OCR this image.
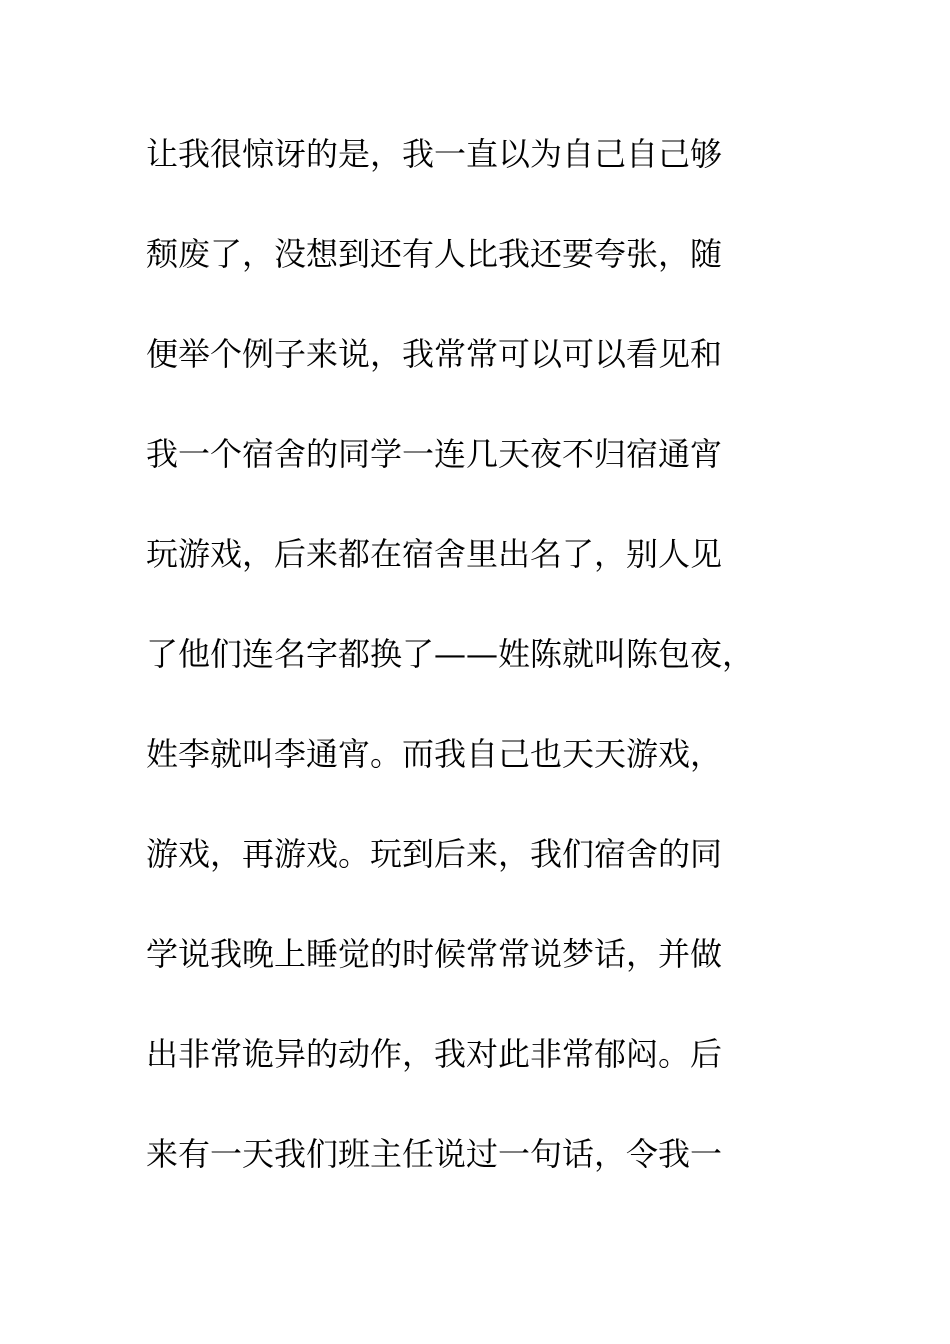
让我很惊讶的是，我一直以为自己自己够
颓废了，没想到还有人比我还要夸张，随
便举个例子来说，我常常可以可以看见和
我一个宿舍的同学一连几天夜不归宿通宵
玩游戏，后来都在宿舍里出名了，别人见
了他们连名字都换了——姓陈就叫陈包夜，
姓李就叫李通宵。而我自己也天天游戏，
游戏，再游戏。玩到后来，我们宿舍的同
学说我晚上睡觉的时候常常说梦话，并做
出非常诡异的动作，我对此非常郁闷。后
来有一天我们班主任说过一句话，令我一
